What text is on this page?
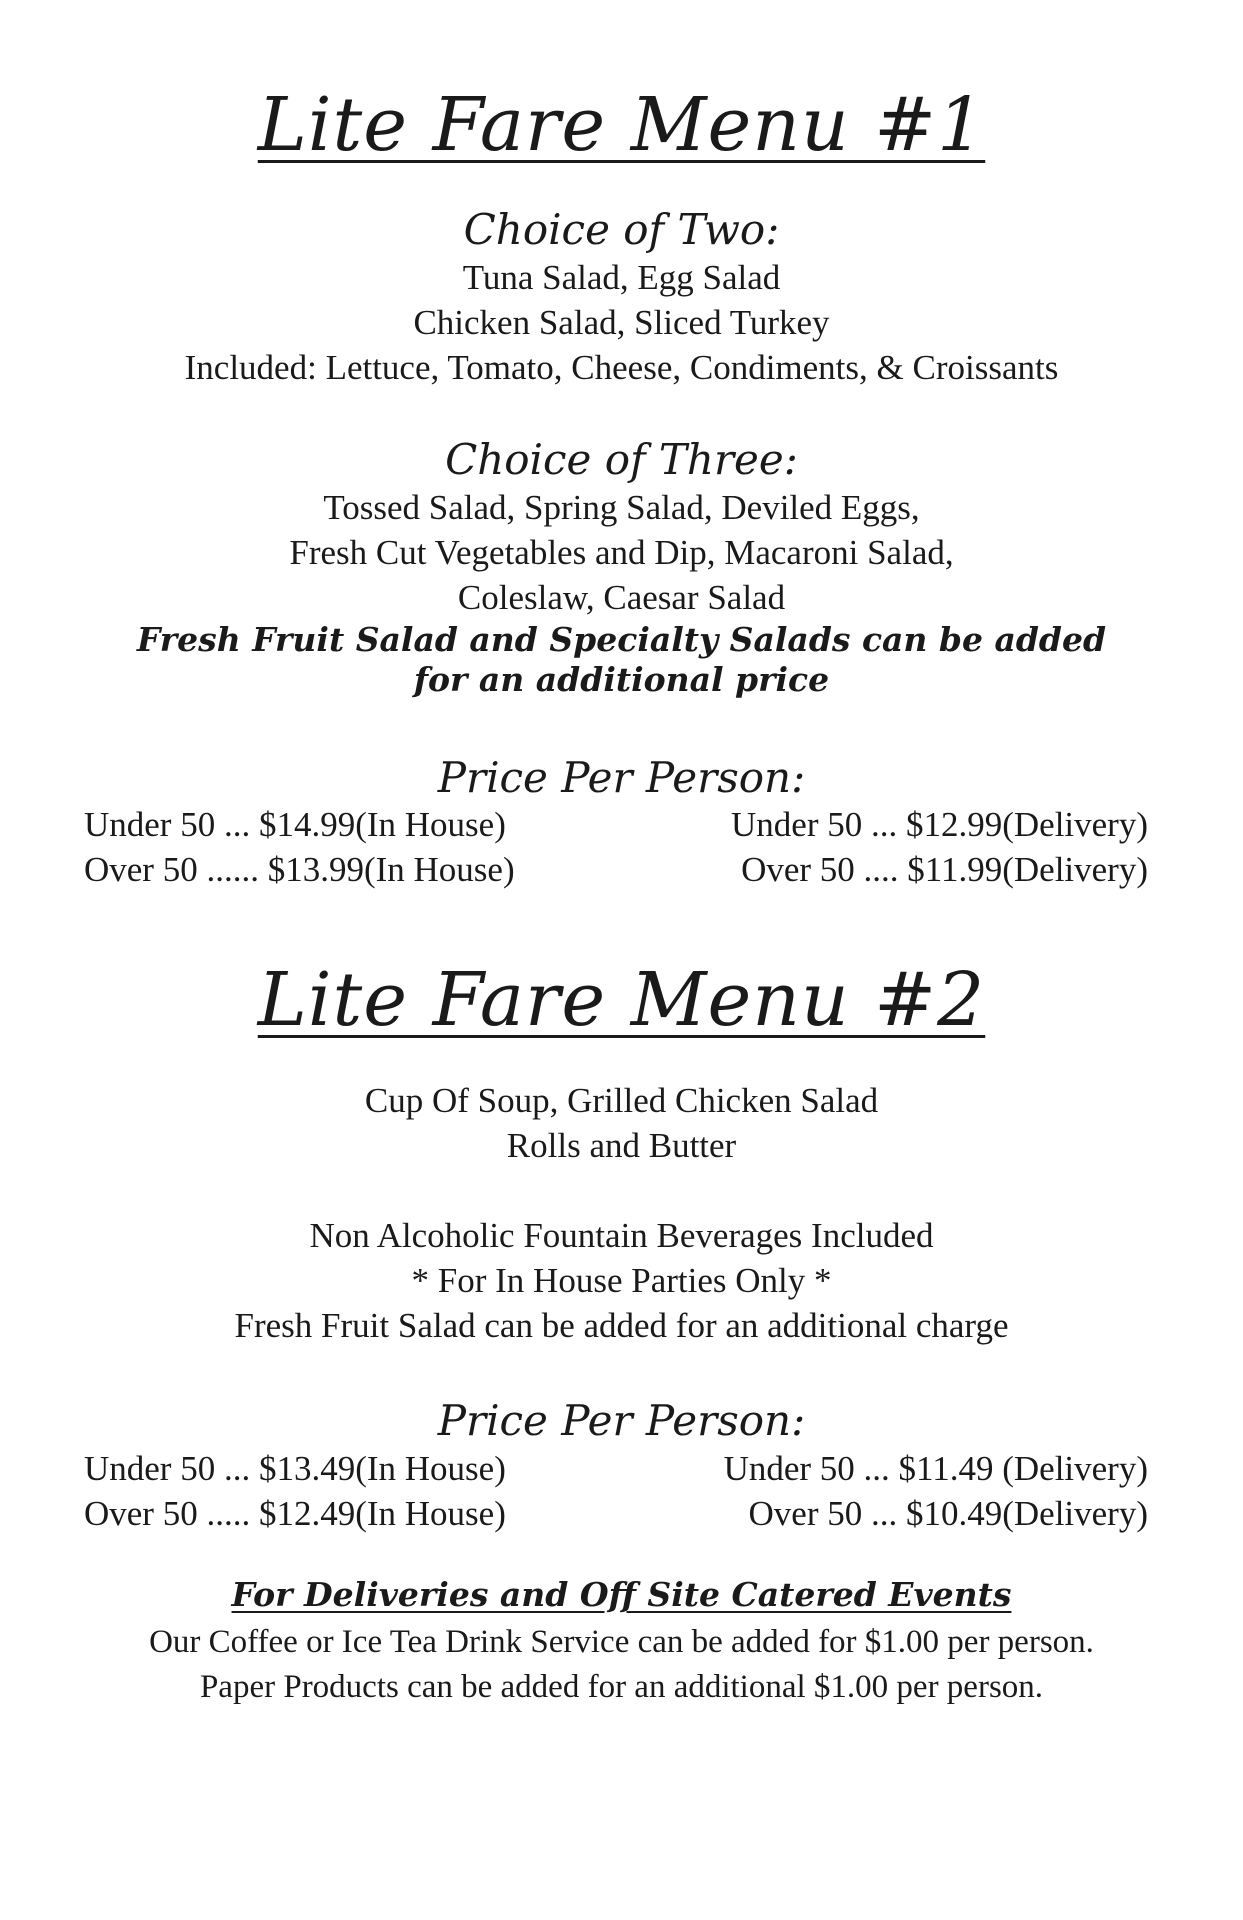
Lite Fare Menu #1
Choice of Two:
Tuna Salad, Egg Salad
Chicken Salad, Sliced Turkey
Included: Lettuce, Tomato, Cheese, Condiments, & Croissants
Choice of Three:
Tossed Salad, Spring Salad, Deviled Eggs,
Fresh Cut Vegetables and Dip, Macaroni Salad,
Coleslaw, Caesar Salad
Fresh Fruit Salad and Specialty Salads can be added
for an additional price
Price Per Person:
Under 50 ... $14.99(In House)	Under 50 ... $12.99(Delivery)
Over 50 ...... $13.99(In House)	Over 50 .... $11.99(Delivery)
Lite Fare Menu #2
Cup Of Soup, Grilled Chicken Salad
Rolls and Butter
Non Alcoholic Fountain Beverages Included
* For In House Parties Only *
Fresh Fruit Salad can be added for an additional charge
Price Per Person:
Under 50 ... $13.49(In House)	Under 50 ... $11.49 (Delivery)
Over 50 ..... $12.49(In House)	Over 50 ... $10.49(Delivery)
For Deliveries and Off Site Catered Events
Our Coffee or Ice Tea Drink Service can be added for $1.00 per person.
Paper Products can be added for an additional $1.00 per person.
